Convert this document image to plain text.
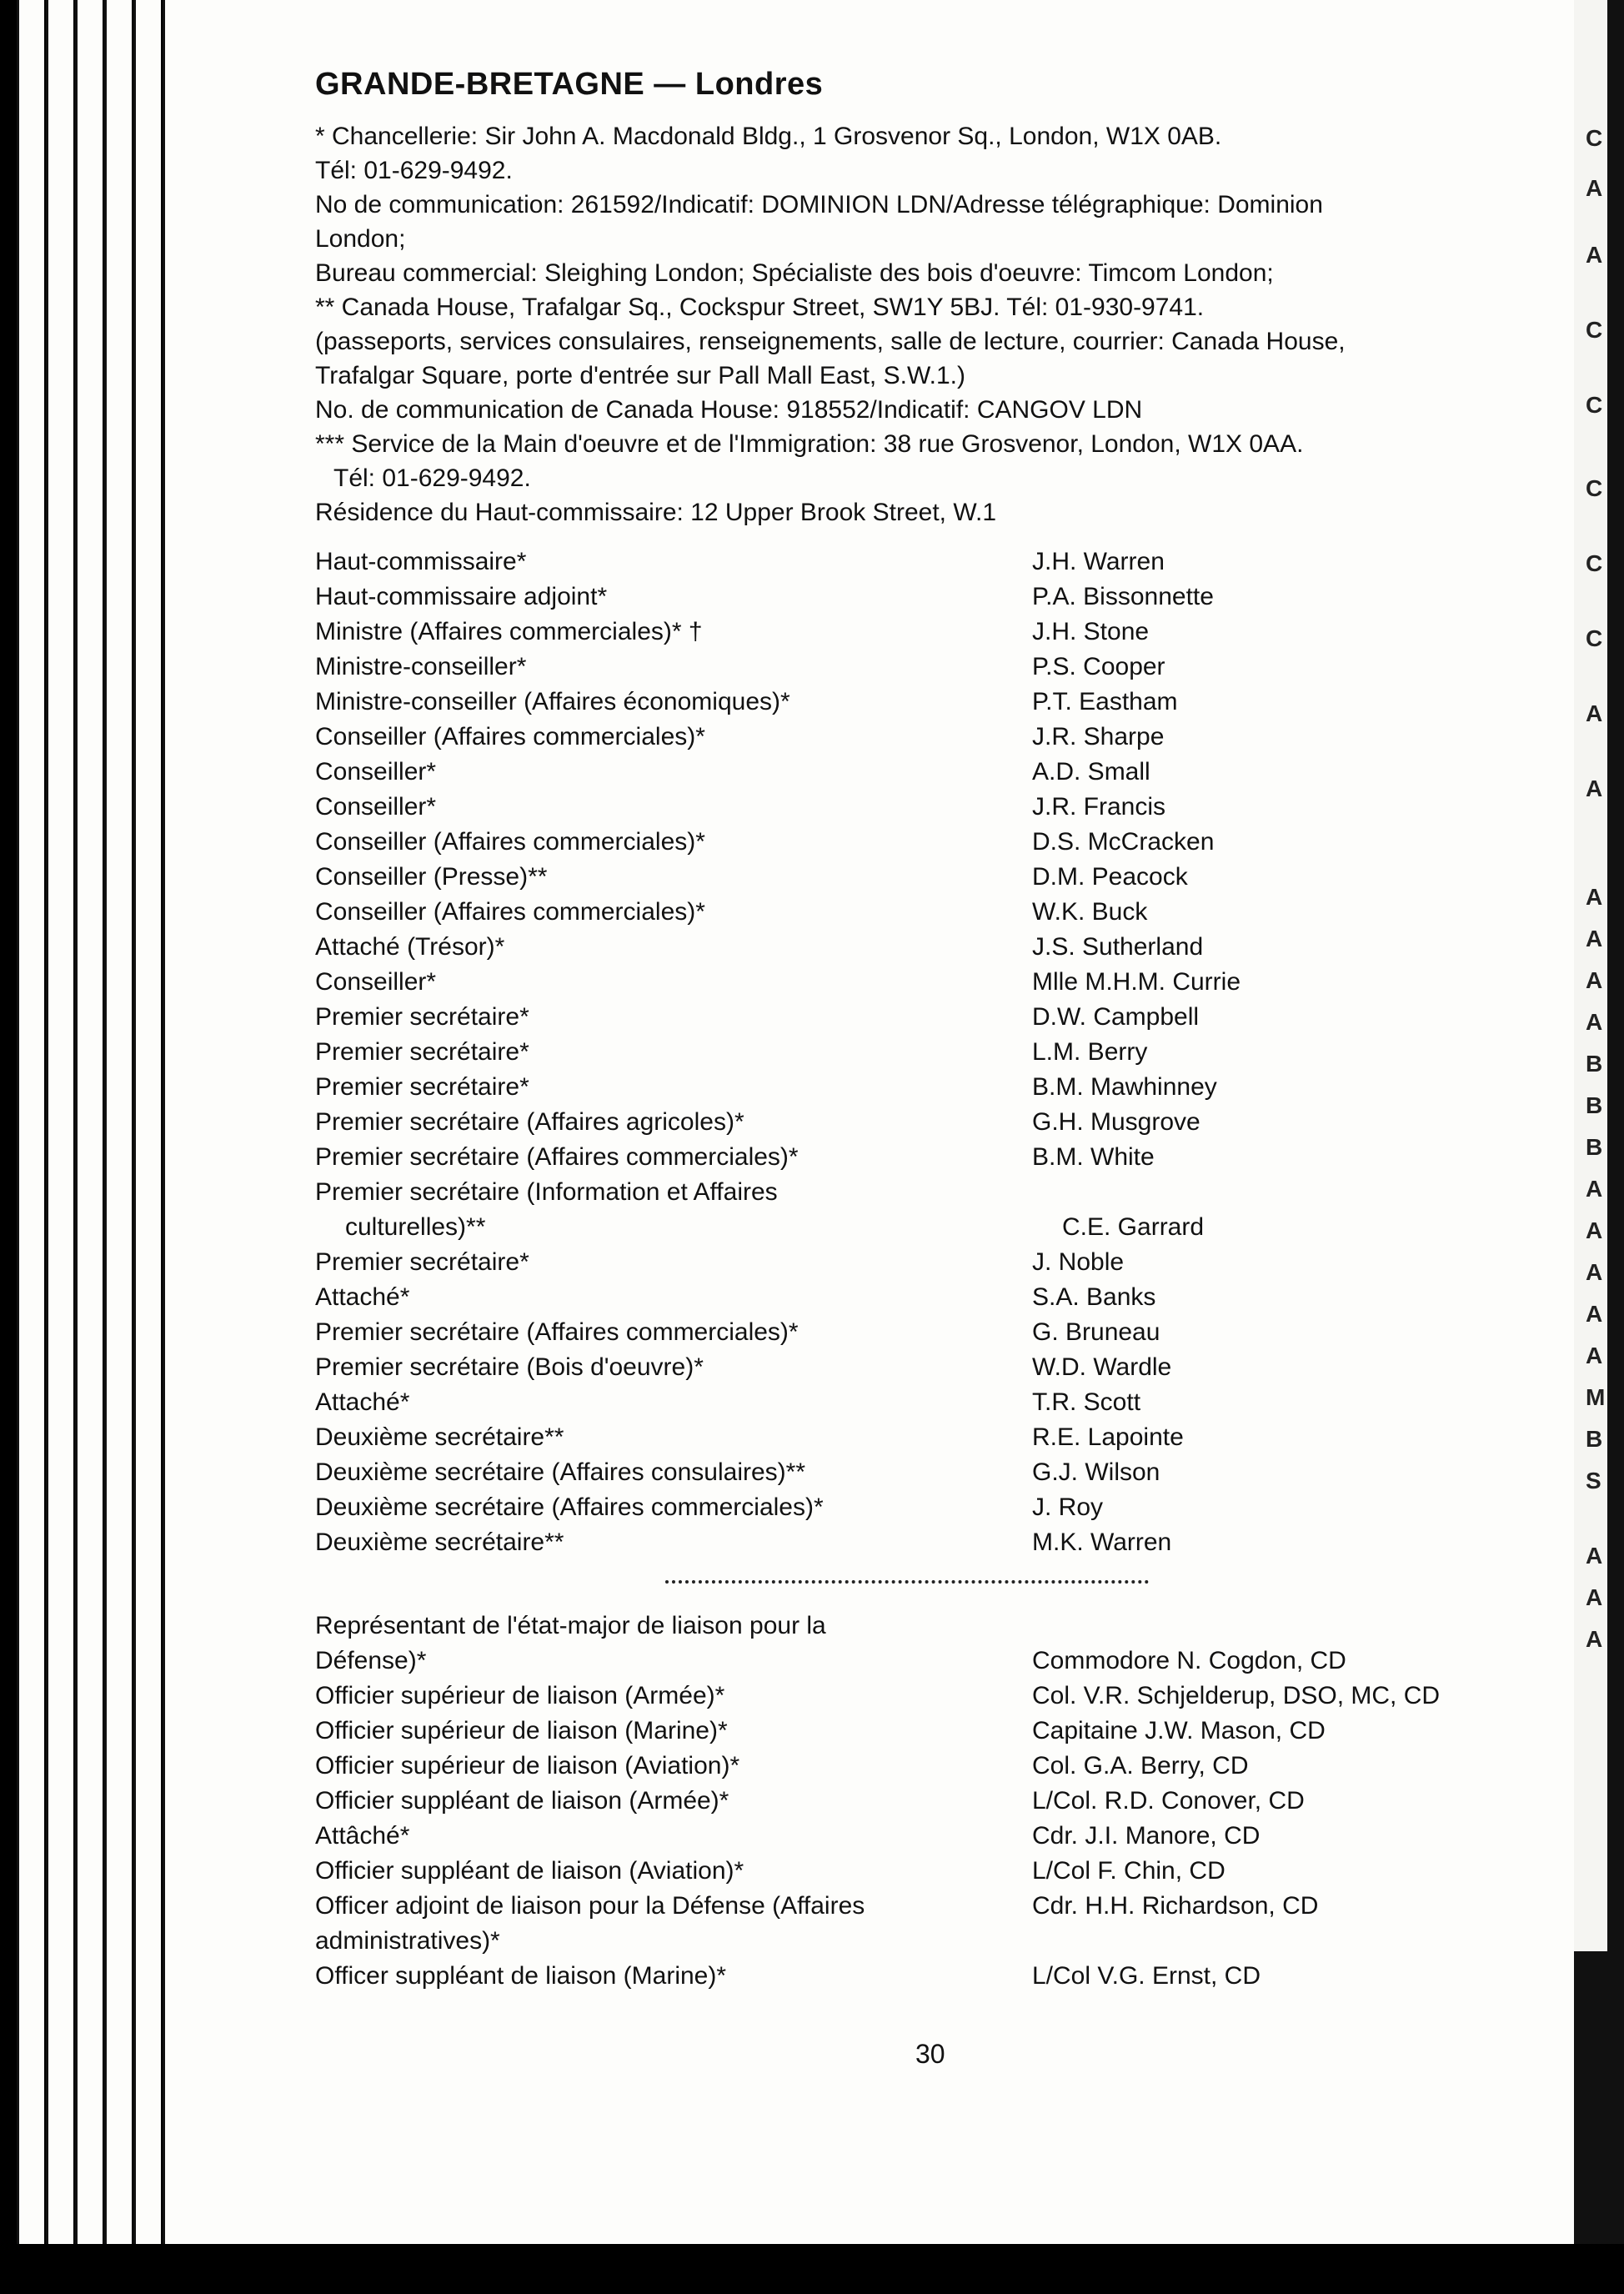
C
A
A
C
C
C
C
C
A
A
A
A
A
A
B
B
B
A
A
A
A
A
M
B
S
A
A
A
GRANDE-BRETAGNE — Londres

* Chancellerie: Sir John A. Macdonald Bldg., 1 Grosvenor Sq., London, W1X 0AB.

Tél: 01-629-9492.

No de communication: 261592/Indicatif: DOMINION LDN/Adresse télégraphique: Dominion

London;

Bureau commercial: Sleighing London; Spécialiste des bois d'oeuvre: Timcom London;

** Canada House, Trafalgar Sq., Cockspur Street, SW1Y 5BJ. Tél: 01-930-9741.

(passeports, services consulaires, renseignements, salle de lecture, courrier: Canada House,

Trafalgar Square, porte d'entrée sur Pall Mall East, S.W.1.)

No. de communication de Canada House: 918552/Indicatif: CANGOV LDN

*** Service de la Main d'oeuvre et de l'Immigration: 38 rue Grosvenor, London, W1X 0AA.

Tél: 01-629-9492.

Résidence du Haut-commissaire: 12 Upper Brook Street, W.1

Haut-commissaire*	J.H. Warren
Haut-commissaire adjoint*	P.A. Bissonnette
Ministre (Affaires commerciales)* †	J.H. Stone
Ministre-conseiller*	P.S. Cooper
Ministre-conseiller (Affaires économiques)*	P.T. Eastham
Conseiller (Affaires commerciales)*	J.R. Sharpe
Conseiller*	A.D. Small
Conseiller*	J.R. Francis
Conseiller (Affaires commerciales)*	D.S. McCracken
Conseiller (Presse)**	D.M. Peacock
Conseiller (Affaires commerciales)*	W.K. Buck
Attaché (Trésor)*	J.S. Sutherland
Conseiller*	Mlle M.H.M. Currie
Premier secrétaire*	D.W. Campbell
Premier secrétaire*	L.M. Berry
Premier secrétaire*	B.M. Mawhinney
Premier secrétaire (Affaires agricoles)*	G.H. Musgrove
Premier secrétaire (Affaires commerciales)*	B.M. White
Premier secrétaire (Information et Affaires
culturelles)**	C.E. Garrard
Premier secrétaire*	J. Noble
Attaché*	S.A. Banks
Premier secrétaire (Affaires commerciales)*	G. Bruneau
Premier secrétaire (Bois d'oeuvre)*	W.D. Wardle
Attaché*	T.R. Scott
Deuxième secrétaire**	R.E. Lapointe
Deuxième secrétaire (Affaires consulaires)**	G.J. Wilson
Deuxième secrétaire (Affaires commerciales)*	J. Roy
Deuxième secrétaire**	M.K. Warren
Représentant de l'état-major de liaison pour la
Défense)*	Commodore N. Cogdon, CD
Officier supérieur de liaison (Armée)*	Col. V.R. Schjelderup, DSO, MC, CD
Officier supérieur de liaison (Marine)*	Capitaine J.W. Mason, CD
Officier supérieur de liaison (Aviation)*	Col. G.A. Berry, CD
Officier suppléant de liaison (Armée)*	L/Col. R.D. Conover, CD
Attâché*	Cdr. J.I. Manore, CD
Officier suppléant de liaison (Aviation)*	L/Col F. Chin, CD
Officer adjoint de liaison pour la Défense (Affaires	Cdr. H.H. Richardson, CD
administratives)*
Officer suppléant de liaison (Marine)*	L/Col V.G. Ernst, CD
30
